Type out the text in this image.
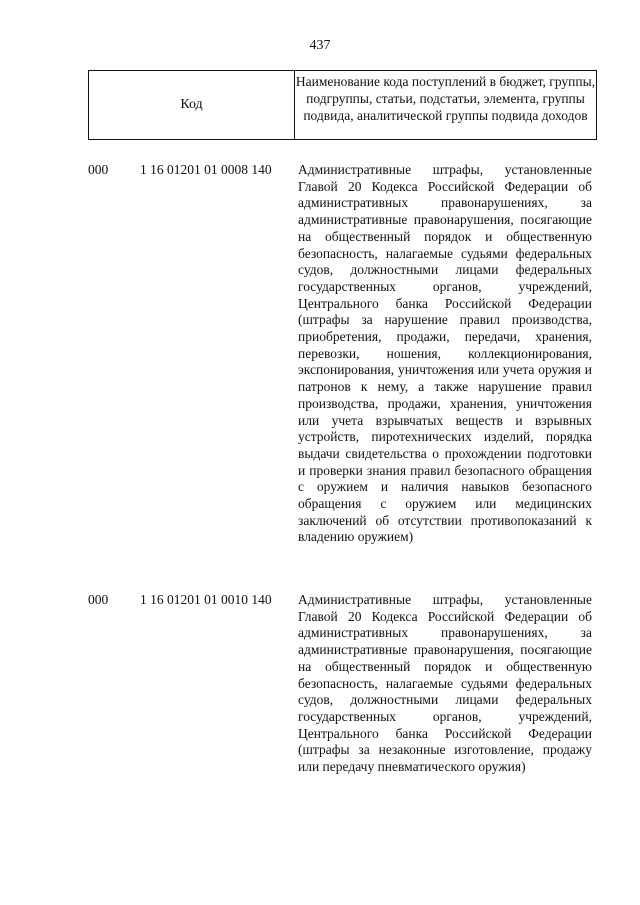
437
Код
Наименование кода поступлений в бюджет, группы, подгруппы, статьи, подстатьи, элемента, группы подвида, аналитической группы подвида доходов
000 1 16 01201 01 0008 140 Административные штрафы, установленные Главой 20 Кодекса Российской Федерации об административных правонарушениях, за административные правонарушения, посягающие на общественный порядок и общественную безопасность, налагаемые судьями федеральных судов, должностными лицами федеральных государственных органов, учреждений, Центрального банка Российской Федерации (штрафы за нарушение правил производства, приобретения, продажи, передачи, хранения, перевозки, ношения, коллекционирования, экспонирования, уничтожения или учета оружия и патронов к нему, а также нарушение правил производства, продажи, хранения, уничтожения или учета взрывчатых веществ и взрывных устройств, пиротехнических изделий, порядка выдачи свидетельства о прохождении подготовки и проверки знания правил безопасного обращения с оружием и наличия навыков безопасного обращения с оружием или медицинских заключений об отсутствии противопоказаний к владению оружием)
000 1 16 01201 01 0010 140 Административные штрафы, установленные Главой 20 Кодекса Российской Федерации об административных правонарушениях, за административные правонарушения, посягающие на общественный порядок и общественную безопасность, налагаемые судьями федеральных судов, должностными лицами федеральных государственных органов, учреждений, Центрального банка Российской Федерации (штрафы за незаконные изготовление, продажу или передачу пневматического оружия)
